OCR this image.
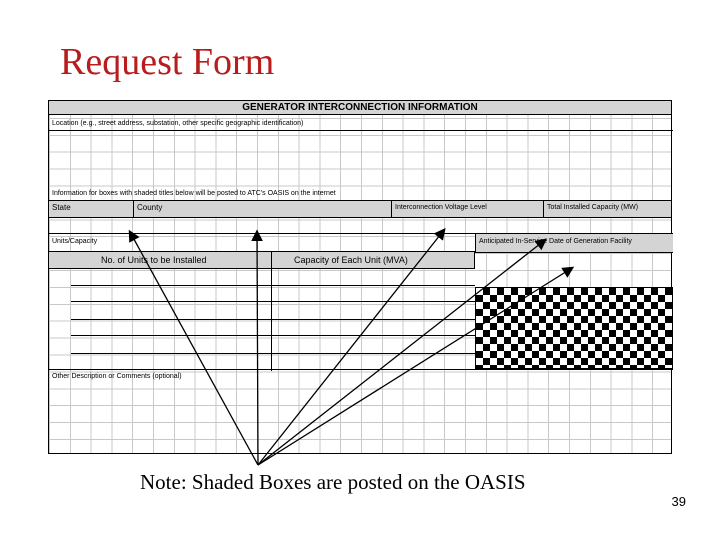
Request Form
GENERATOR INTERCONNECTION INFORMATION
Location (e.g., street address, substation, other specific geographic identification)
Information for boxes with shaded titles below will be posted to ATC's OASIS on the internet
State	County	Interconnection Voltage Level	Total Installed Capacity (MW)
Units/Capacity	Anticipated In-Service Date of Generation Facility
No. of Units to be Installed	Capacity of Each Unit (MVA)
Other Description or Comments (optional)
Note: Shaded Boxes are posted on the OASIS
39
